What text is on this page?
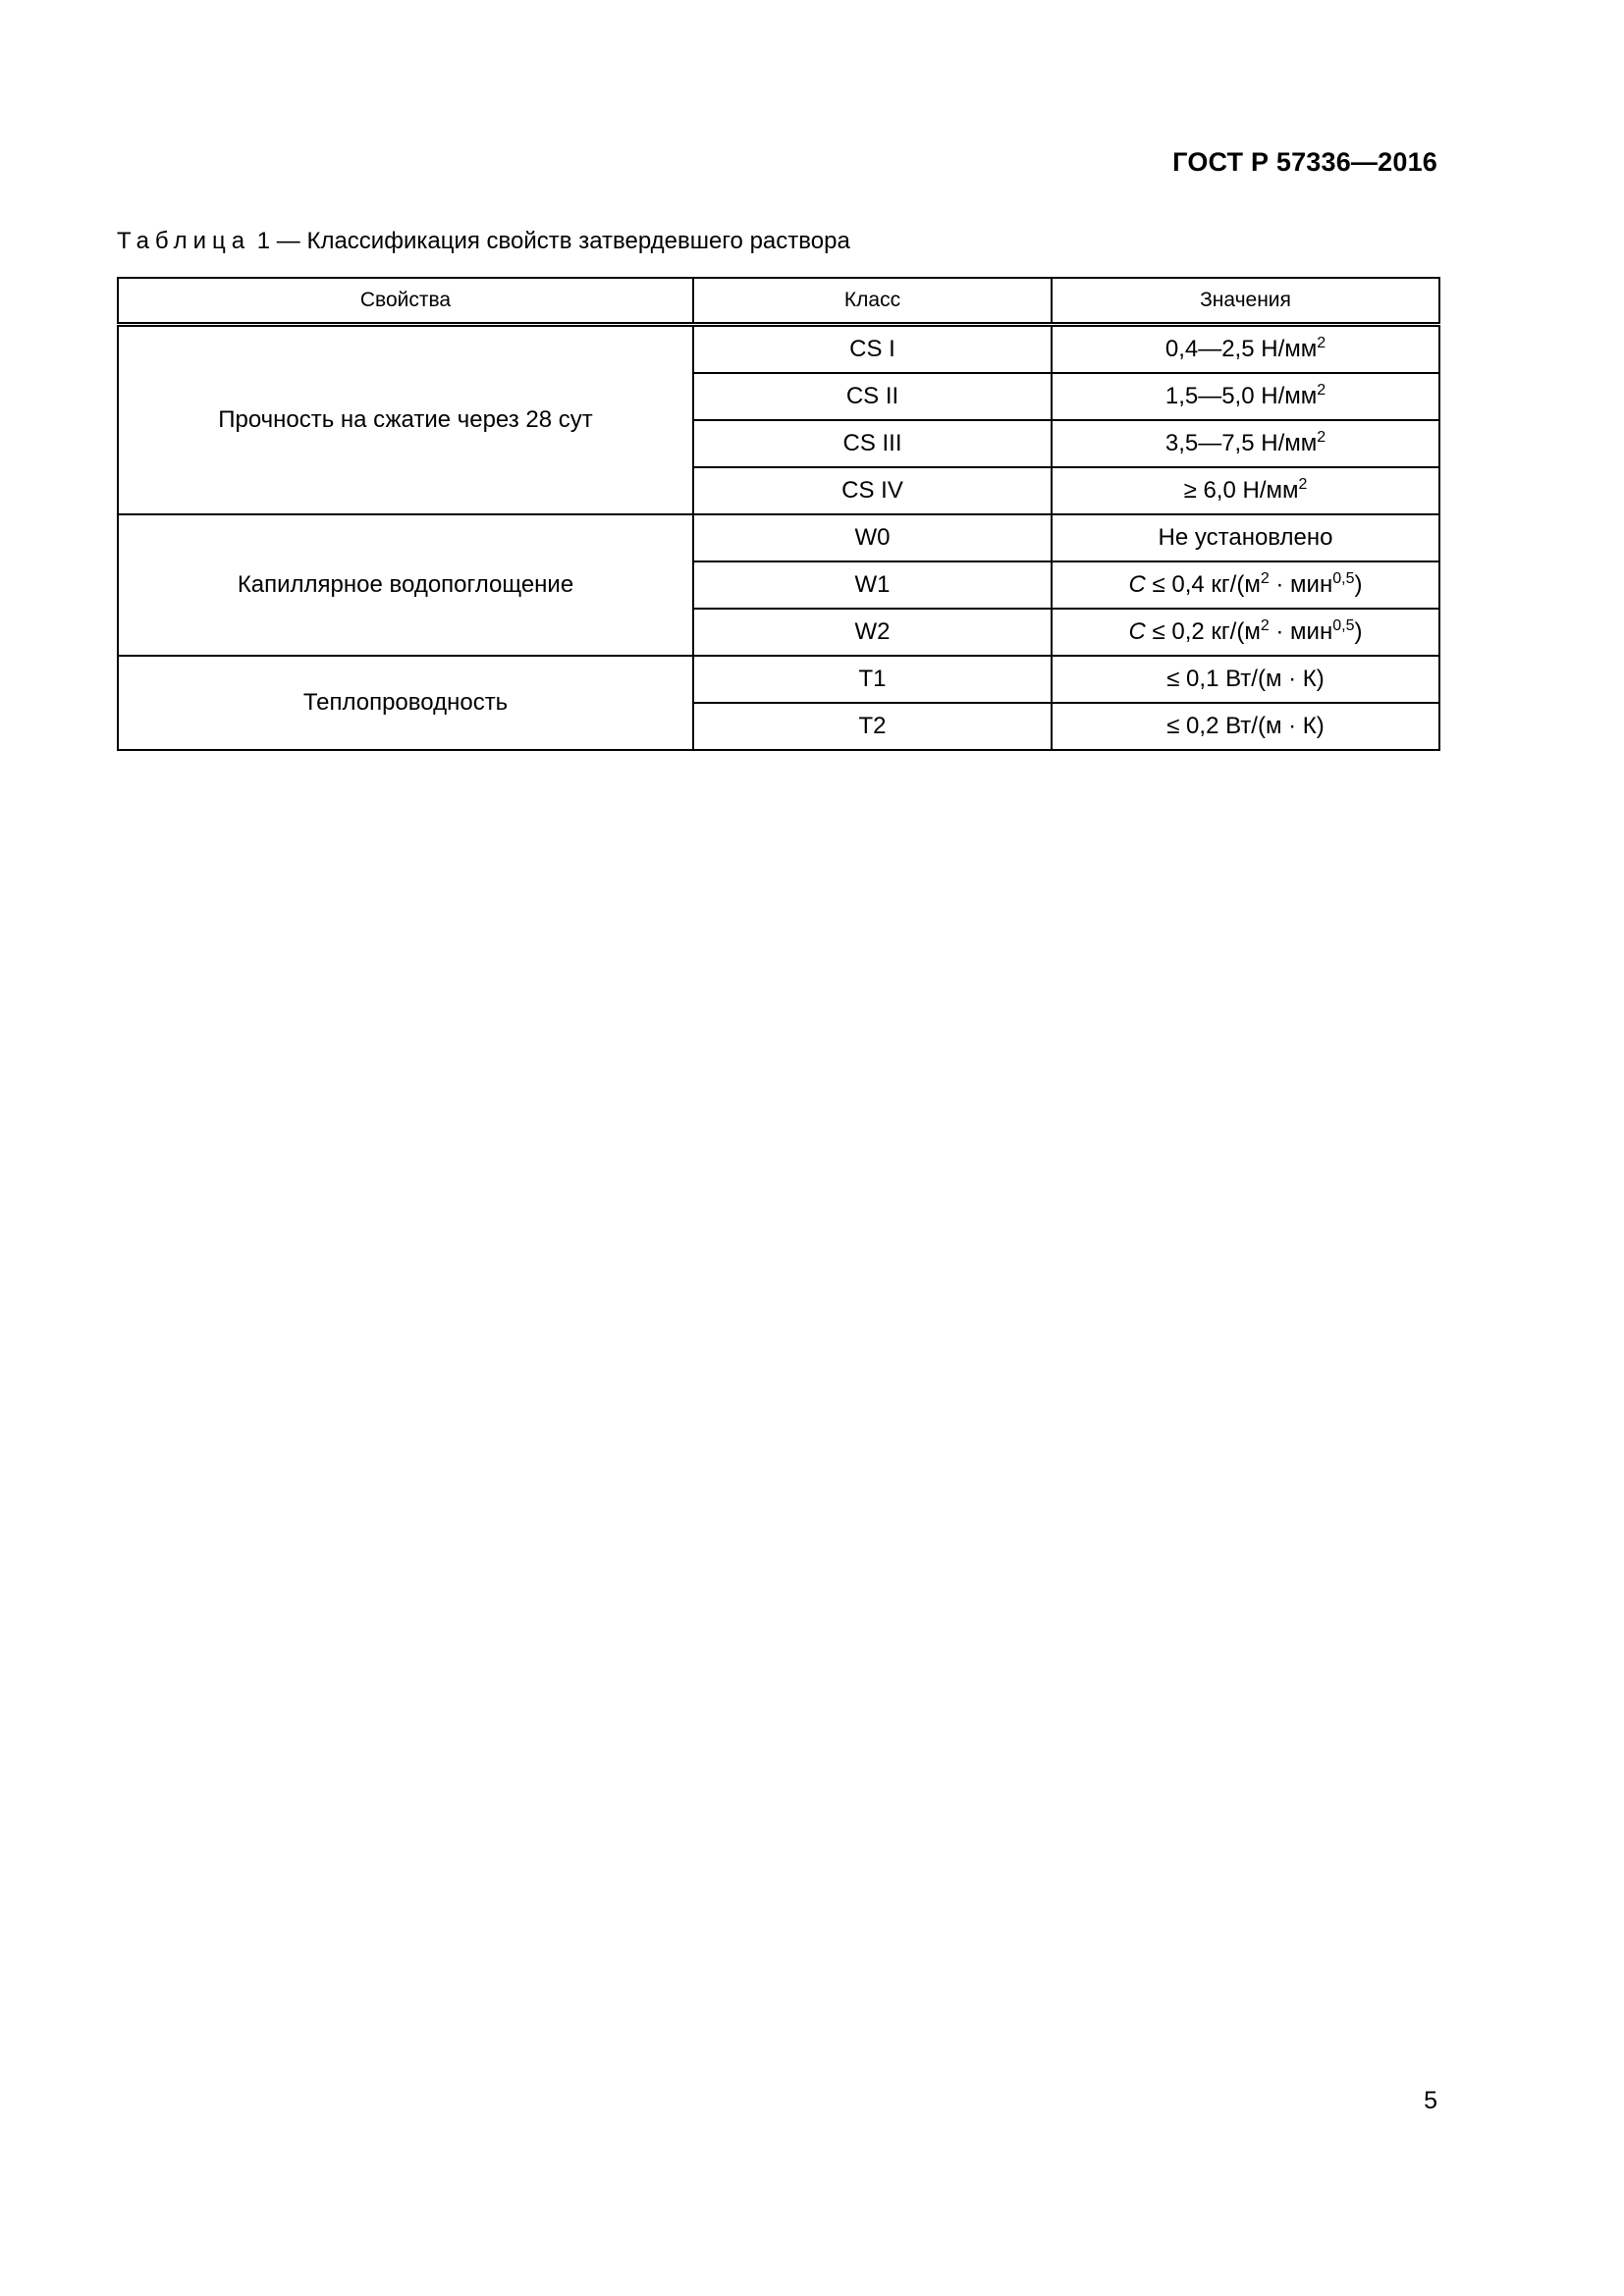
ГОСТ Р 57336—2016
Таблица 1 — Классификация свойств затвердевшего раствора
Свойства	Класс	Значения
Прочность на сжатие через 28 сут	CS I	0,4—2,5 $Н/мм^2$
	CS II	1,5—5,0 $Н/мм^2$
	CS III	3,5—7,5 $Н/мм^2$
	CS IV	≥ 6,0 $Н/мм^2$
Капиллярное водопоглощение	W0	Не установлено
	W1	C ≤ 0,4 $кг/(м^2 \cdot мин^{0,5})$
	W2	C ≤ 0,2 $кг/(м^2 \cdot мин^{0,5})$
Теплопроводность	T1	≤ 0,1 Вт/(м · К)
	T2	≤ 0,2 Вт/(м · К)
5
